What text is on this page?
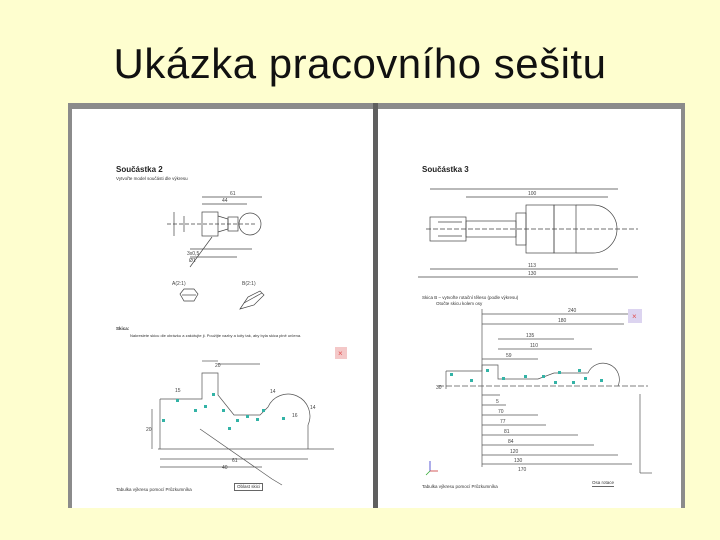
Ukázka pracovního sešitu
Součástka 2
Vytvořte model součásti dle výkresu
61
44
3x0,5
Ø1
A(2:1)	B(2:1)
15
20
14
16
40
61
14
20
×
Skica:
Nakreslete skicu dle obrázku a zakótujte ji. Použijte vazby a kóty tak, aby byla skica plně určena.
Tabulka výkresu pomocí Průzkumníka
Oblast skici
Součástka 3
100
113
130
240
180
135
110
59
5
70
77
81
84
120
130
170
30
×
Skica B – vytvořte rotační těleso (podle výkresu)
Otočte skicu kolem osy
Tabulka výkresu pomocí Průzkumníka
Osa rotace
